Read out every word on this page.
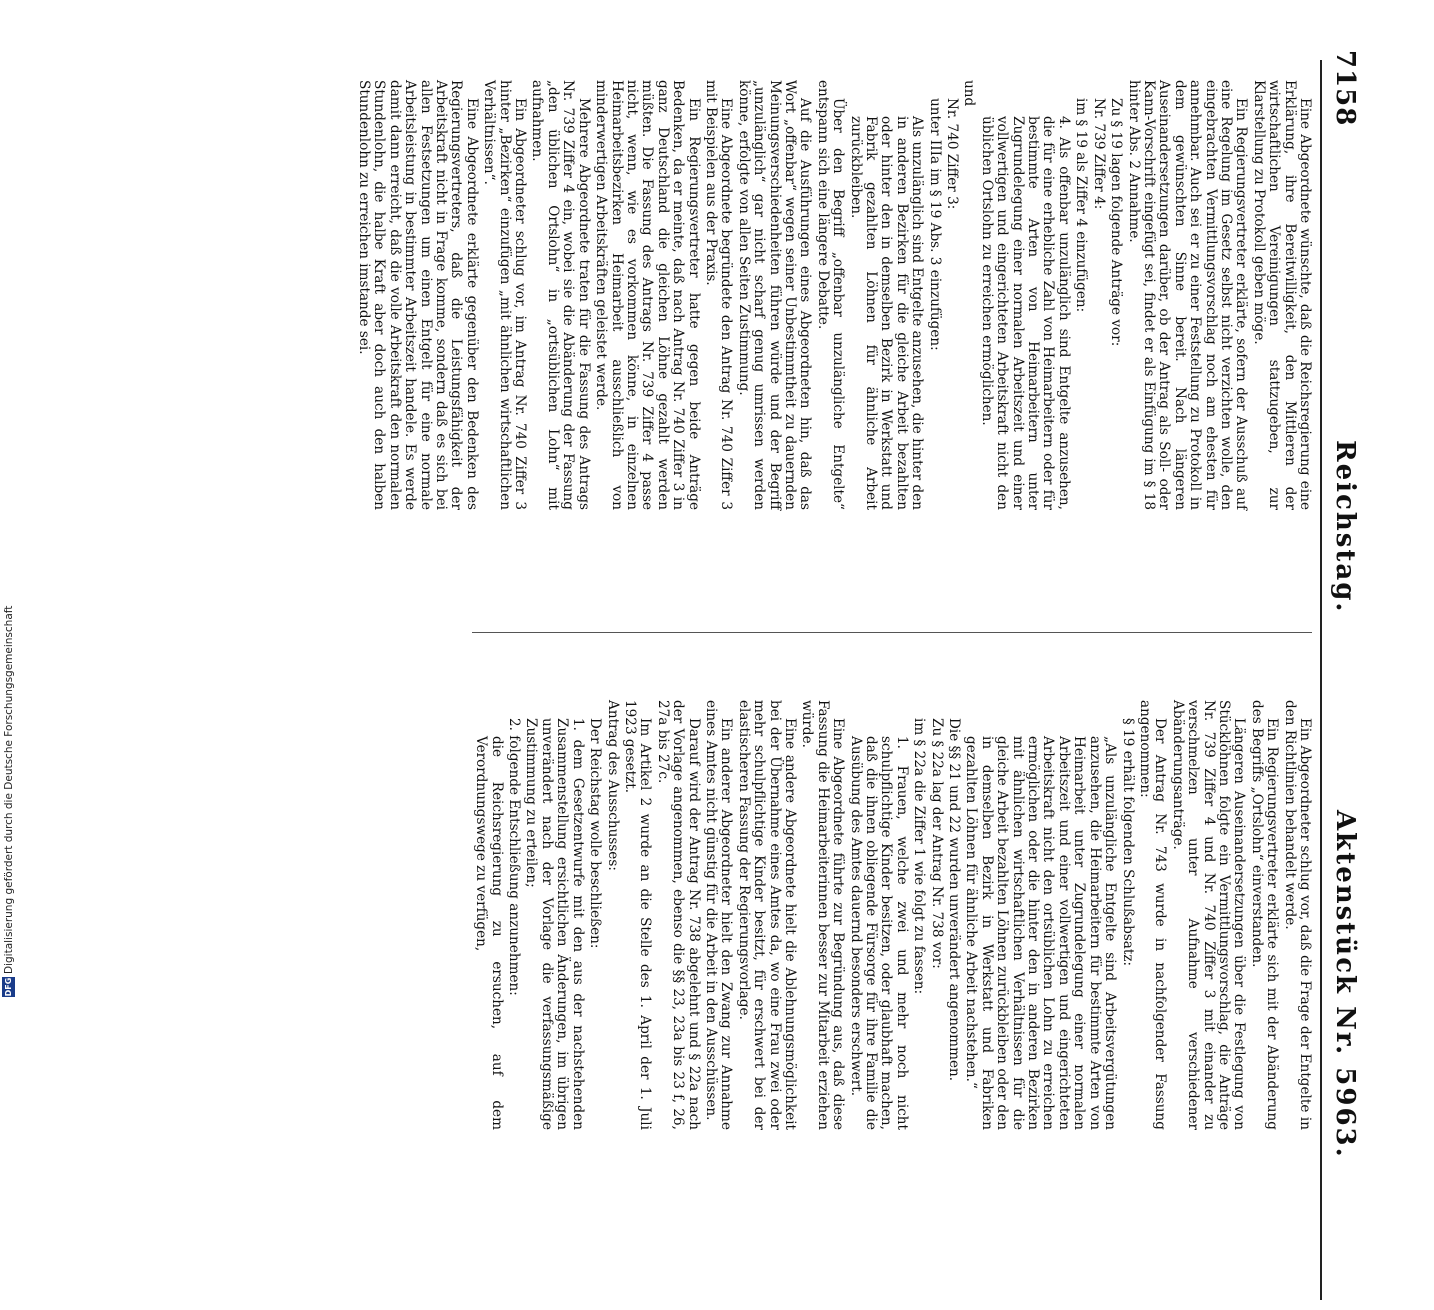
7158
Reichstag.
Aktenstück Nr. 5963.

Eine Abgeordnete wünschte, daß die Reichsregierung eine Erklärung, ihre Bereitwilligkeit, den Mittleren der wirtschaftlichen Vereinigungen stattzugeben, zur Klarstellung zu Protokoll geben möge.

Ein Regierungsvertreter erklärte, sofern der Ausschuß auf eine Regelung im Gesetz selbst nicht verzichten wolle, den eingebrachten Vermittlungsvorschlag noch am ehesten für annehmbar. Auch sei er zu einer Feststellung zu Protokoll in dem gewünschten Sinne bereit. Nach längeren Auseinandersetzungen darüber, ob der Antrag als Soll- oder Kann-Vorschrift eingefügt sei, findet er als Einfügung im § 18 hinter Abs. 2 Annahme.

Zu § 19 lagen folgende Anträge vor:

Nr. 739 Ziffer 4:

im § 19 als Ziffer 4 einzufügen:

4. Als offenbar unzulänglich sind Entgelte anzusehen, die für eine erhebliche Zahl von Heimarbeitern oder für bestimmte Arten von Heimarbeitern unter Zugrundelegung einer normalen Arbeitszeit und einer vollwertigen und eingerichteten Arbeitskraft nicht den üblichen Ortslohn zu erreichen ermöglichen.

und

Nr. 740 Ziffer 3:

unter IIIa im § 19 Abs. 3 einzufügen:

Als unzulänglich sind Entgelte anzusehen, die hinter den in anderen Bezirken für die gleiche Arbeit bezahlten oder hinter den in demselben Bezirk in Werkstatt und Fabrik gezahlten Löhnen für ähnliche Arbeit zurückbleiben.

Über den Begriff „offenbar unzulängliche Entgelte“ entspann sich eine längere Debatte.

Auf die Ausführungen eines Abgeordneten hin, daß das Wort „offenbar“ wegen seiner Unbestimmtheit zu dauernden Meinungsverschiedenheiten führen würde und der Begriff „unzulänglich“ gar nicht scharf genug umrissen werden könne, erfolgte von allen Seiten Zustimmung.

Eine Abgeordnete begründete den Antrag Nr. 740 Ziffer 3 mit Beispielen aus der Praxis.

Ein Regierungsvertreter hatte gegen beide Anträge Bedenken, da er meinte, daß nach Antrag Nr. 740 Ziffer 3 in ganz Deutschland die gleichen Löhne gezahlt werden müßten. Die Fassung des Antrags Nr. 739 Ziffer 4 passe nicht, wenn, wie es vorkommen könne, in einzelnen Heimarbeitsbezirken Heimarbeit ausschließlich von minderwertigen Arbeitskräften geleistet werde.

Mehrere Abgeordnete traten für die Fassung des Antrags Nr. 739 Ziffer 4 ein, wobei sie die Abänderung der Fassung „den üblichen Ortslohn“ in „ortsüblichen Lohn“ mit aufnahmen.

Ein Abgeordneter schlug vor, im Antrag Nr. 740 Ziffer 3 hinter „Bezirken“ einzufügen „mit ähnlichen wirtschaftlichen Verhältnissen“.

Eine Abgeordnete erklärte gegenüber den Bedenken des Regierungsvertreters, daß die Leistungsfähigkeit der Arbeitskraft nicht in Frage komme, sondern daß es sich bei allen Festsetzungen um einen Entgelt für eine normale Arbeitsleistung in bestimmter Arbeitszeit handele. Es werde damit dann erreicht, daß die volle Arbeitskraft den normalen Stundenlohn, die halbe Kraft aber doch auch den halben Stundenlohn zu erreichen imstande sei.

Ein Abgeordneter schlug vor, daß die Frage der Entgelte in den Richtlinien behandelt werde.

Ein Regierungsvertreter erklärte sich mit der Abänderung des Begriffs „Ortslohn“ einverstanden.

Längeren Auseinandersetzungen über die Festlegung von Stücklöhnen folgte ein Vermittlungsvorschlag, die Anträge Nr. 739 Ziffer 4 und Nr. 740 Ziffer 3 mit einander zu verschmelzen unter Aufnahme verschiedener Abänderungsanträge.

Der Antrag Nr. 743 wurde in nachfolgender Fassung angenommen:

§ 19 erhält folgenden Schlußabsatz:

„Als unzulängliche Entgelte sind Arbeitsvergütungen anzusehen, die Heimarbeitern für bestimmte Arten von Heimarbeit unter Zugrundelegung einer normalen Arbeitszeit und einer vollwertigen und eingerichteten Arbeitskraft nicht den ortsüblichen Lohn zu erreichen ermöglichen oder die hinter den in anderen Bezirken mit ähnlichen wirtschaftlichen Verhältnissen für die gleiche Arbeit bezahlten Löhnen zurückbleiben oder den in demselben Bezirk in Werkstatt und Fabriken gezahlten Löhnen für ähnliche Arbeit nachstehen.“

Die §§ 21 und 22 wurden unverändert angenommen.

Zu § 22a lag der Antrag Nr. 738 vor:

im § 22a die Ziffer 1 wie folgt zu fassen:

1. Frauen, welche zwei und mehr noch nicht schulpflichtige Kinder besitzen, oder glaubhaft machen, daß die ihnen obliegende Fürsorge für ihre Familie die Ausübung des Amtes dauernd besonders erschwert.

Eine Abgeordnete führte zur Begründung aus, daß diese Fassung die Heimarbeiterinnen besser zur Mitarbeit erziehen würde.

Eine andere Abgeordnete hielt die Ablehnungsmöglichkeit bei der Übernahme eines Amtes da, wo eine Frau zwei oder mehr schulpflichtige Kinder besitzt, für erschwert bei der elastischeren Fassung der Regierungsvorlage.

Ein anderer Abgeordneter hielt den Zwang zur Annahme eines Amtes nicht günstig für die Arbeit in den Ausschüssen.

Darauf wird der Antrag Nr. 738 abgelehnt und § 22a nach der Vorlage angenommen, ebenso die §§ 23, 23a bis 23 f, 26, 27a bis 27c.

Im Artikel 2 wurde an die Stelle des 1. April der 1. Juli 1923 gesetzt.

Antrag des Ausschusses:

Der Reichstag wolle beschließen:

1. dem Gesetzentwurfe mit den aus der nachstehenden Zusammenstellung ersichtlichen Änderungen, im übrigen unverändert nach der Vorlage die verfassungsmäßige Zustimmung zu erteilen;

2. folgende Entschließung anzunehmen:

die Reichsregierung zu ersuchen, auf dem Verordnungswege zu verfügen,

DFG
Digitalisierung gefördert durch die Deutsche Forschungsgemeinschaft
